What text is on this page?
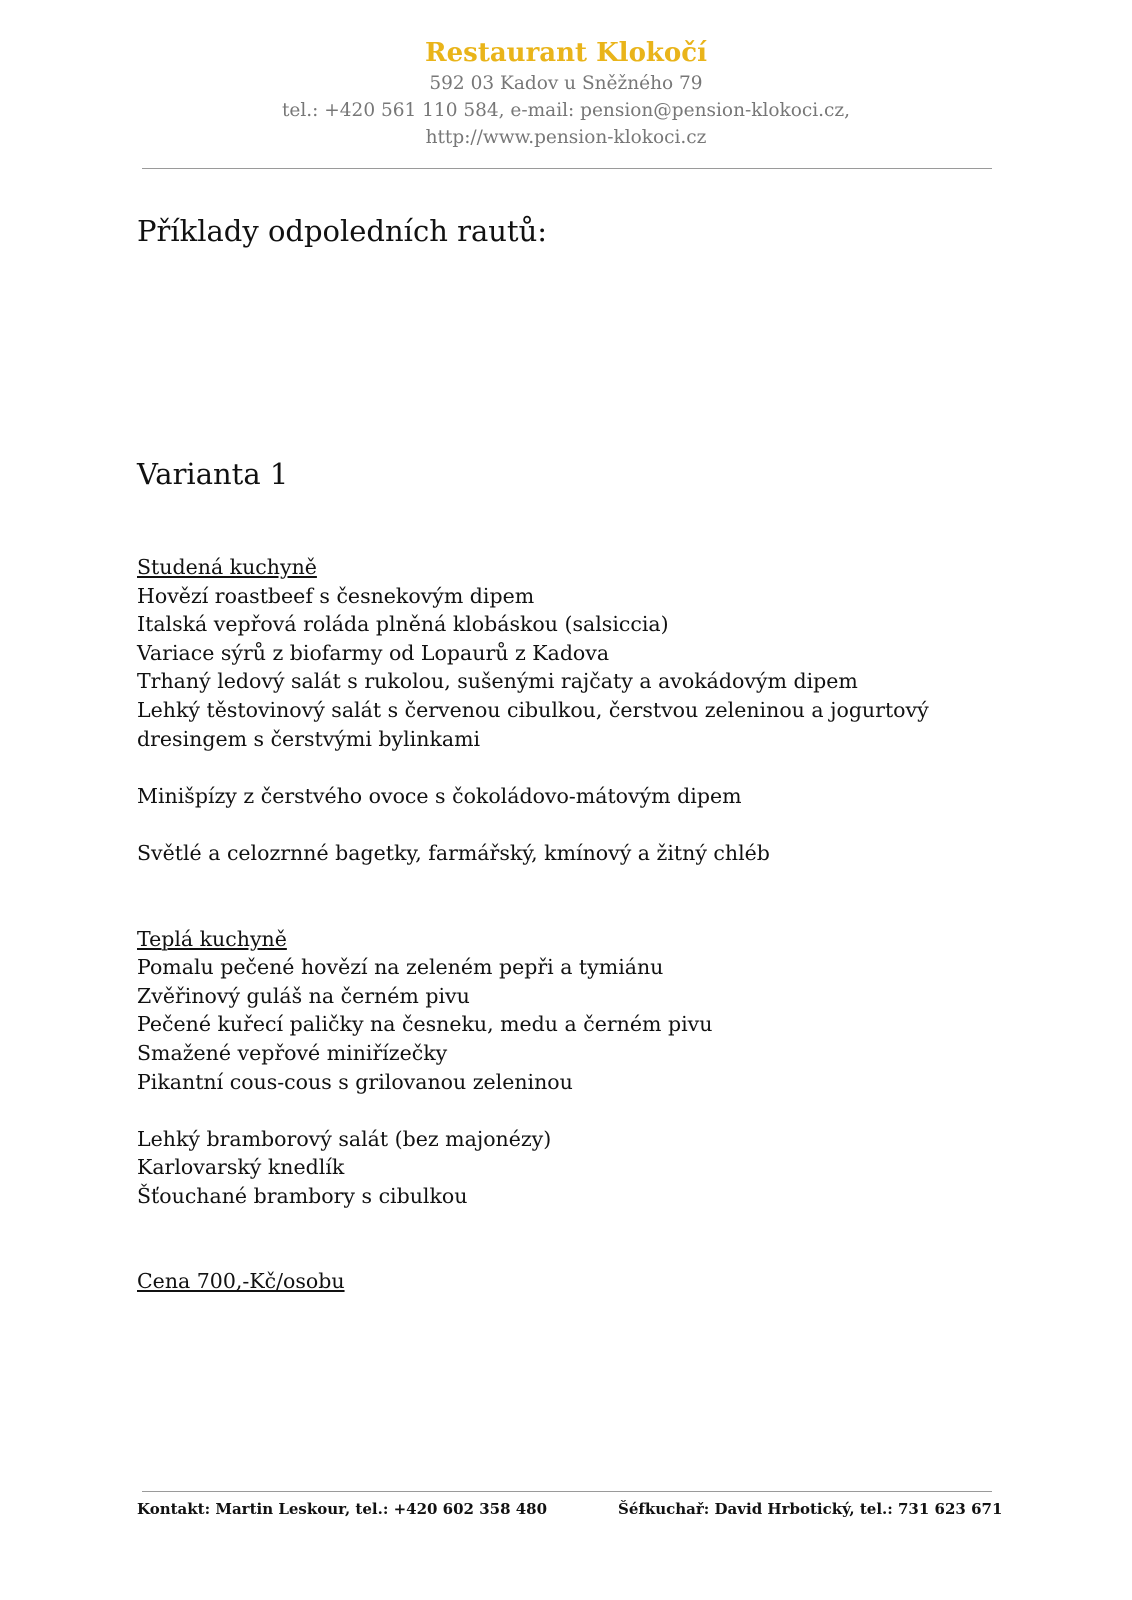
Restaurant Klokočí
592 03 Kadov u Sněžného 79
tel.: +420 561 110 584, e-mail: pension@pension-klokoci.cz,
http://www.pension-klokoci.cz
Příklady odpoledních rautů:
Varianta 1
Studená kuchyně
Hovězí roastbeef s česnekovým dipem
Italská vepřová roláda plněná klobáskou (salsiccia)
Variace sýrů z biofarmy od Lopaurů z Kadova
Trhaný ledový salát s rukolou, sušenými rajčaty a avokádovým dipem
Lehký těstovinový salát s červenou cibulkou, čerstvou zeleninou a jogurtový dresingem s čerstvými bylinkami
Minišpízy z čerstvého ovoce s čokoládovo-mátovým dipem
Světlé a celozrnné bagetky, farmářský, kmínový a žitný chléb
Teplá kuchyně
Pomalu pečené hovězí na zeleném pepři a tymiánu
Zvěřinový guláš na černém pivu
Pečené kuřecí paličky na česneku, medu a černém pivu
Smažené vepřové miniřízečky
Pikantní cous-cous s grilovanou zeleninou
Lehký bramborový salát (bez majonézy)
Karlovarský knedlík
Šťouchané brambory s cibulkou
Cena 700,-Kč/osobu
Kontakt: Martin Leskour, tel.: +420 602 358 480	Šéfkuchař: David Hrbotický, tel.: 731 623 671
